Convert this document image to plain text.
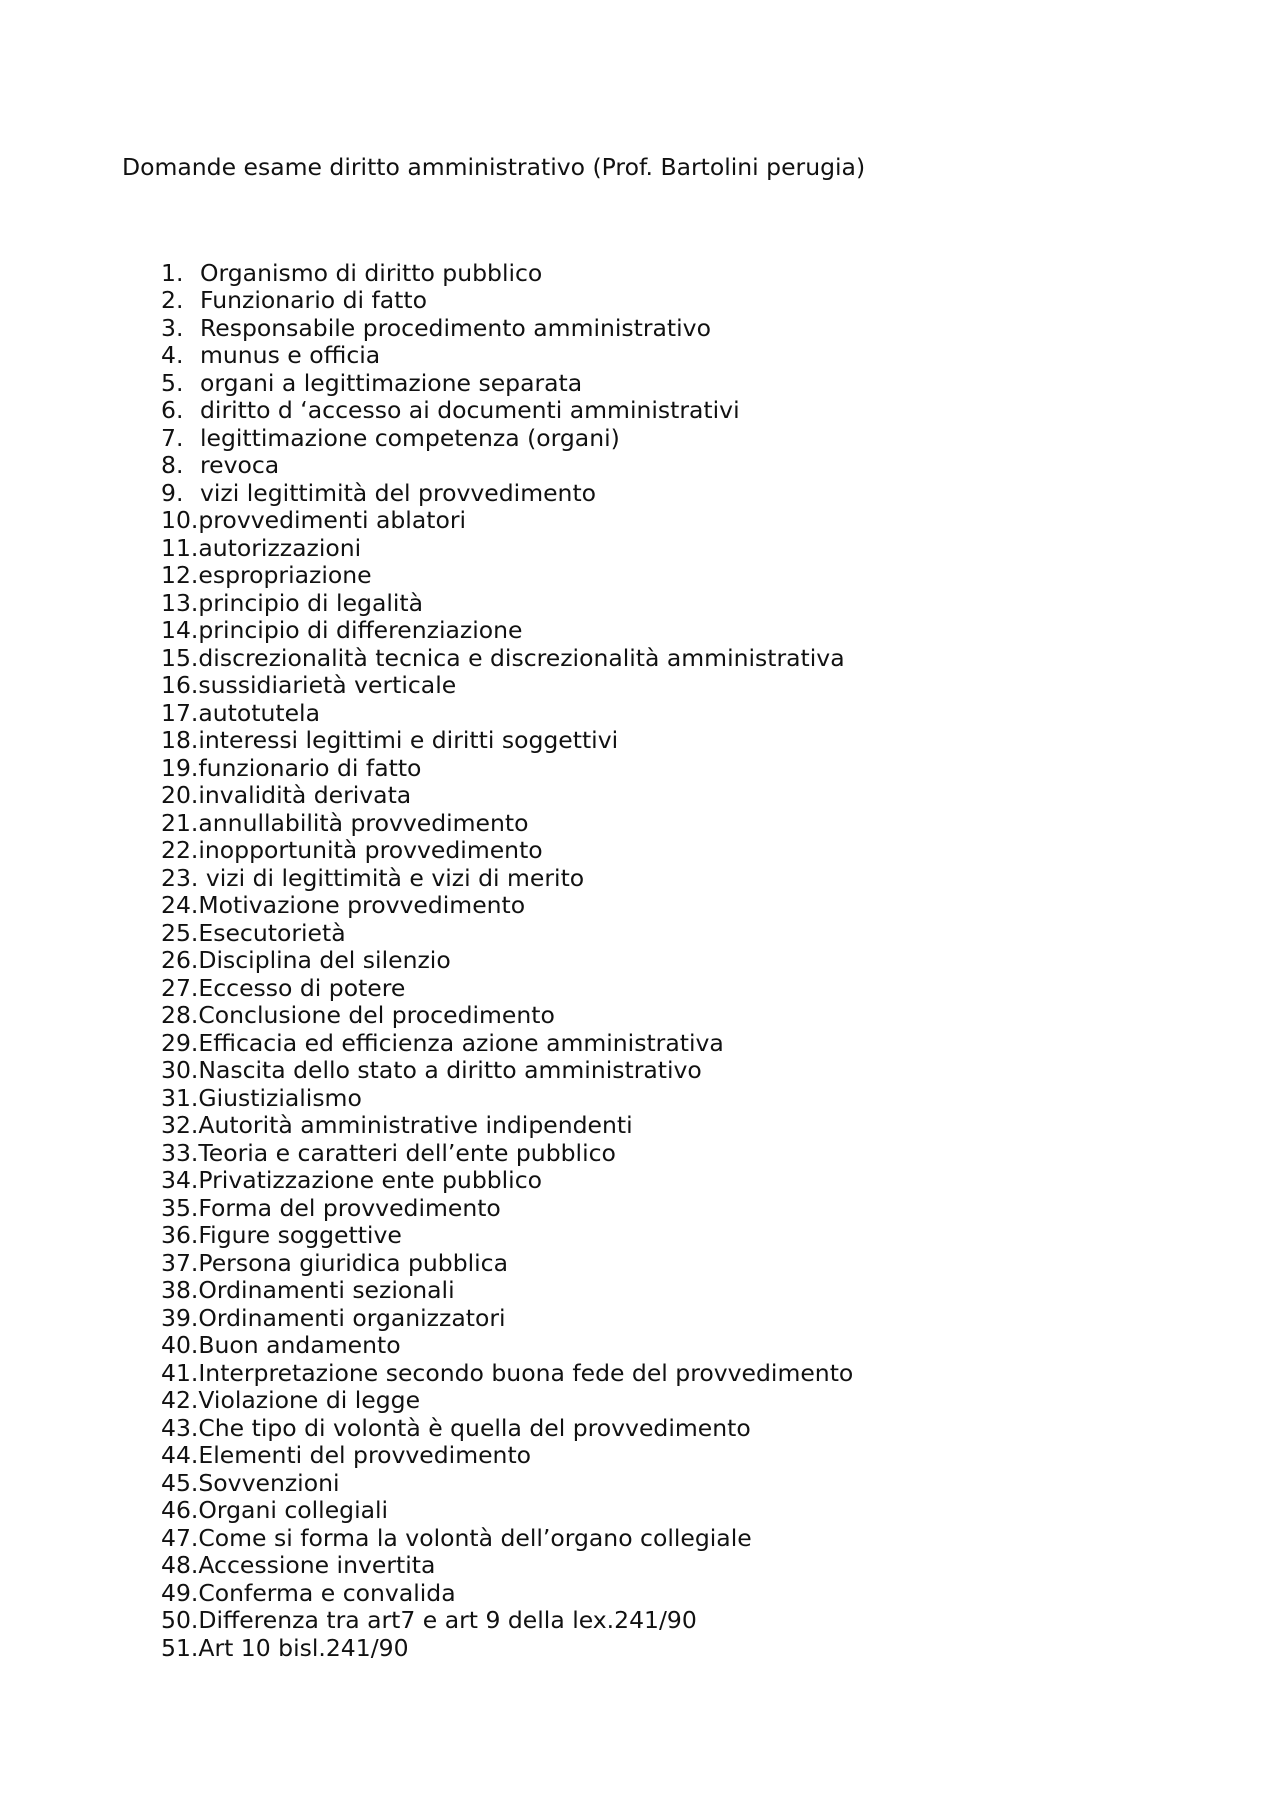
Domande esame diritto amministrativo (Prof. Bartolini perugia)
1. Organismo di diritto pubblico
2. Funzionario di fatto
3. Responsabile procedimento amministrativo
4. munus e officia
5. organi a legittimazione separata
6. diritto d ‘accesso ai documenti amministrativi
7. legittimazione competenza (organi)
8. revoca
9. vizi legittimità del provvedimento
10. provvedimenti ablatori
11. autorizzazioni
12. espropriazione
13. principio di legalità
14. principio di differenziazione
15. discrezionalità tecnica e discrezionalità amministrativa
16. sussidiarietà verticale
17. autotutela
18. interessi legittimi e diritti soggettivi
19. funzionario di fatto
20. invalidità derivata
21. annullabilità provvedimento
22. inopportunità provvedimento
23. vizi di legittimità e vizi di merito
24. Motivazione provvedimento
25. Esecutorietà
26. Disciplina del silenzio
27. Eccesso di potere
28. Conclusione del procedimento
29. Efficacia ed efficienza azione amministrativa
30. Nascita dello stato a diritto amministrativo
31. Giustizialismo
32. Autorità amministrative indipendenti
33. Teoria e caratteri dell’ente pubblico
34. Privatizzazione ente pubblico
35. Forma del provvedimento
36. Figure soggettive
37. Persona giuridica pubblica
38. Ordinamenti sezionali
39. Ordinamenti organizzatori
40. Buon andamento
41. Interpretazione secondo buona fede del provvedimento
42. Violazione di legge
43. Che tipo di volontà è quella del provvedimento
44. Elementi del provvedimento
45. Sovvenzioni
46. Organi collegiali
47. Come si forma la volontà dell’organo collegiale
48. Accessione invertita
49. Conferma e convalida
50. Differenza tra art7 e art 9 della lex.241/90
51. Art 10 bisl.241/90
